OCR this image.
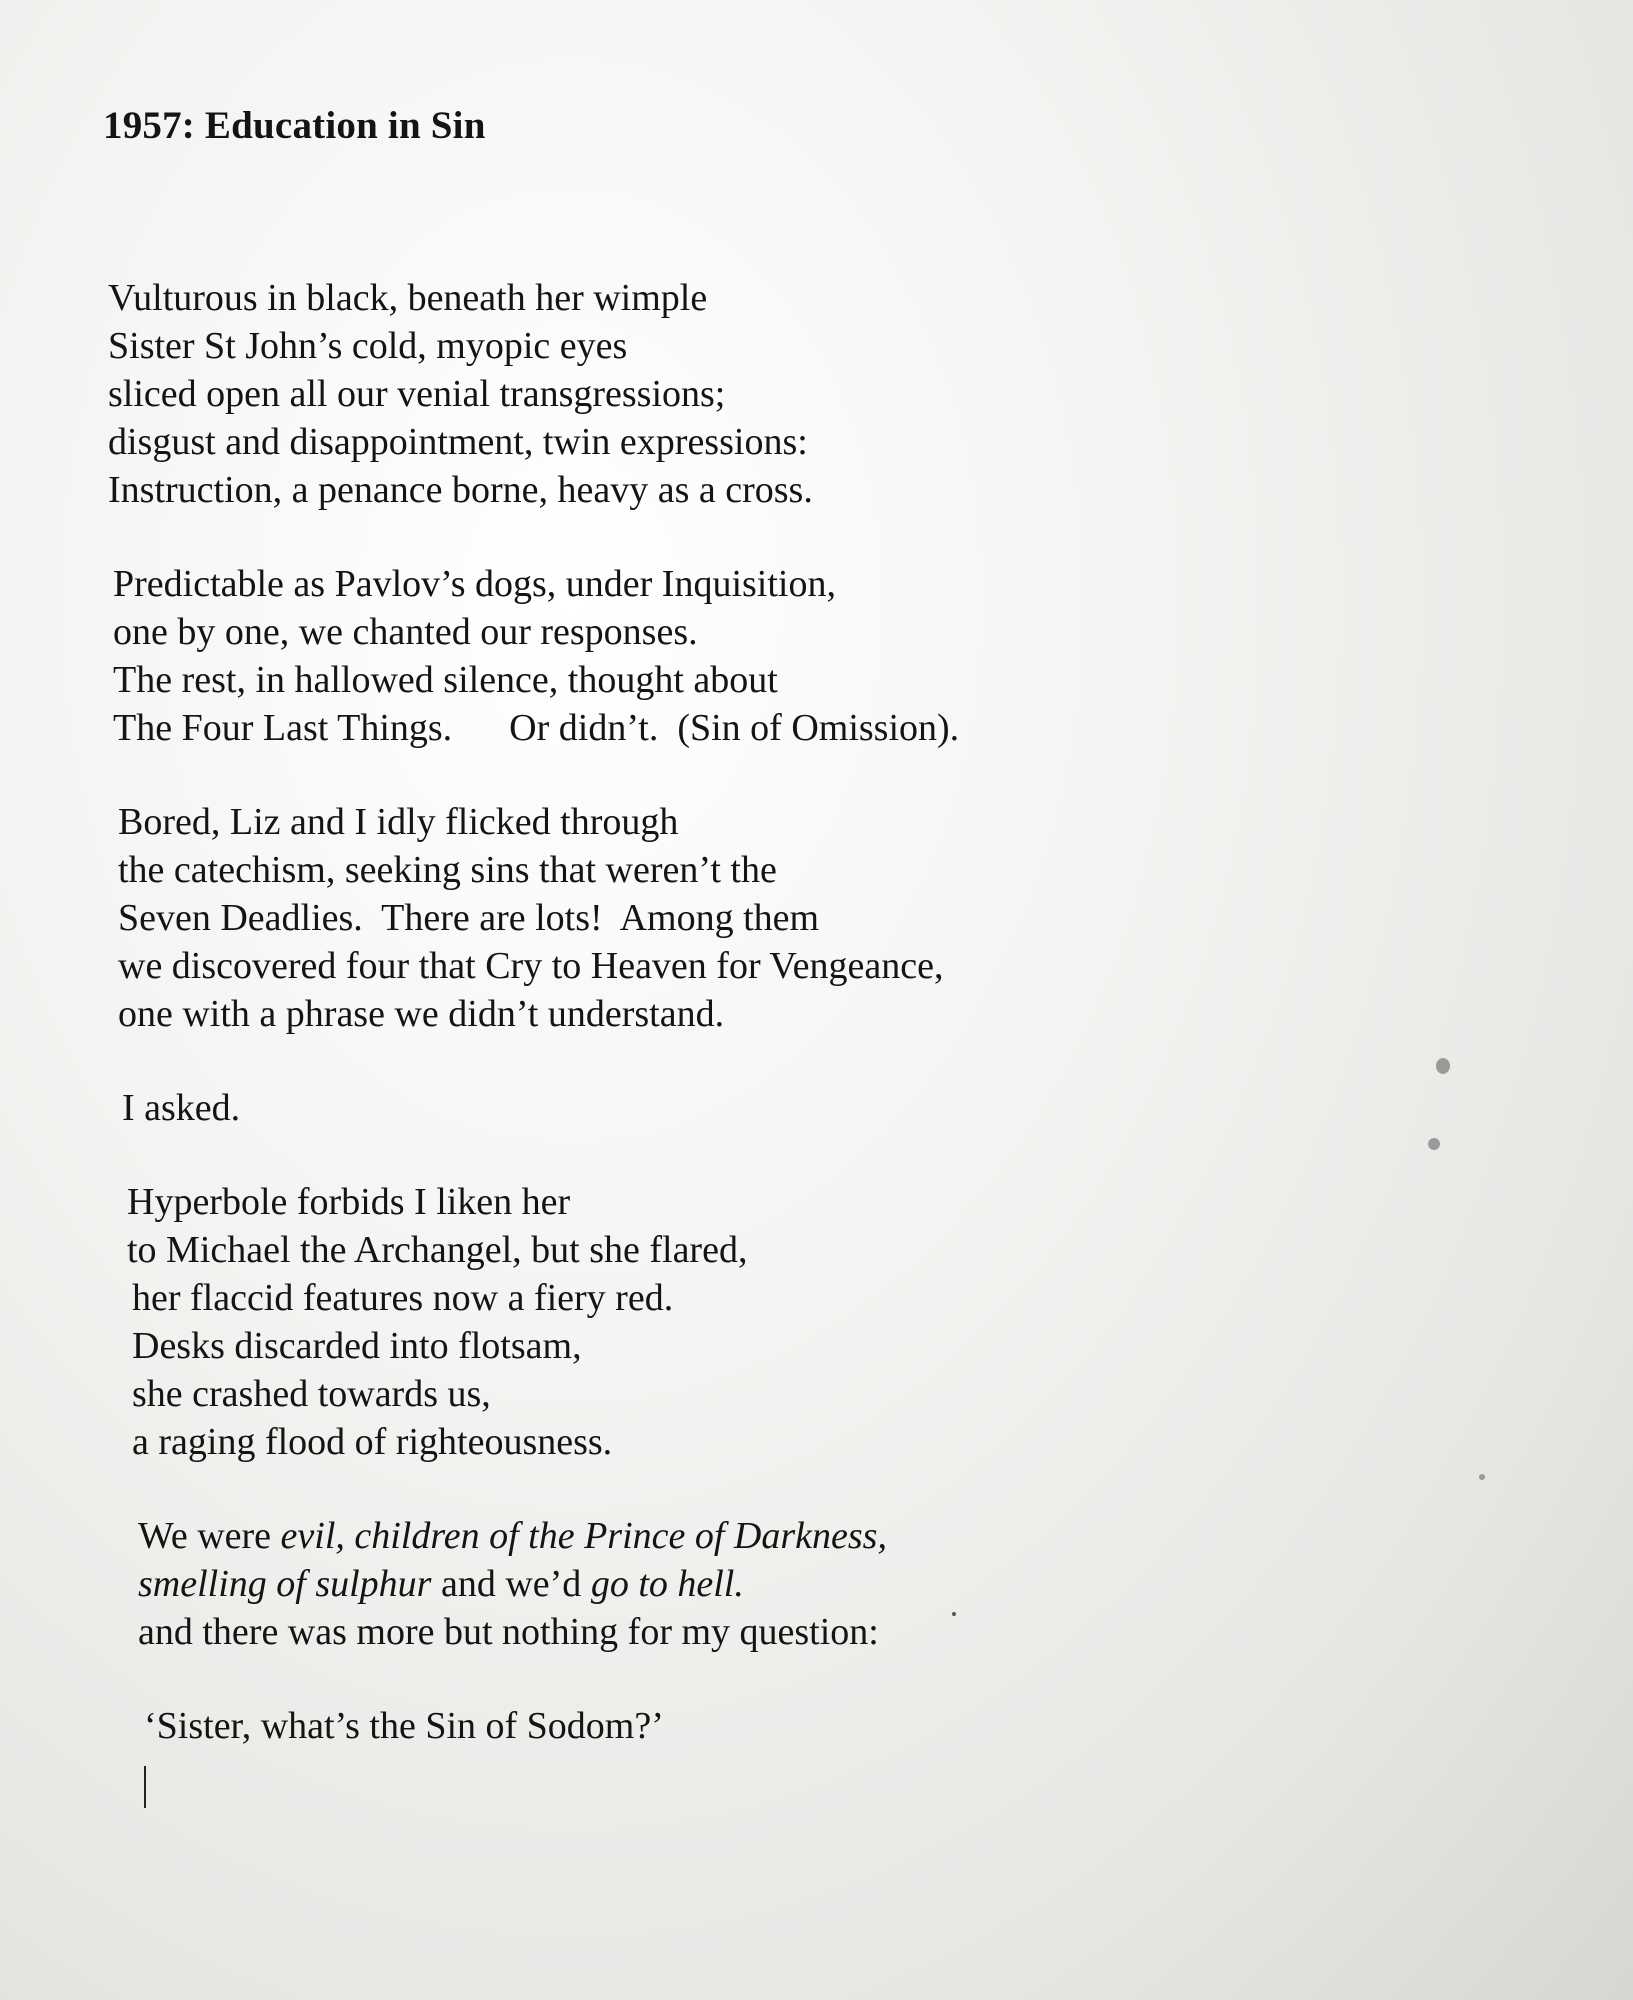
1957: Education in Sin
Vulturous in black, beneath her wimple
Sister St John’s cold, myopic eyes
sliced open all our venial transgressions;
disgust and disappointment, twin expressions:
Instruction, a penance borne, heavy as a cross.
Predictable as Pavlov’s dogs, under Inquisition,
one by one, we chanted our responses.
The rest, in hallowed silence, thought about
The Four Last Things.      Or didn’t.  (Sin of Omission).
Bored, Liz and I idly flicked through
the catechism, seeking sins that weren’t the
Seven Deadlies.  There are lots!  Among them
we discovered four that Cry to Heaven for Vengeance,
one with a phrase we didn’t understand.
I asked.
Hyperbole forbids I liken her
to Michael the Archangel, but she flared,
her flaccid features now a fiery red.
Desks discarded into flotsam,
she crashed towards us,
a raging flood of righteousness.
We were evil, children of the Prince of Darkness,
smelling of sulphur and we’d go to hell.
and there was more but nothing for my question:
‘Sister, what’s the Sin of Sodom?’
